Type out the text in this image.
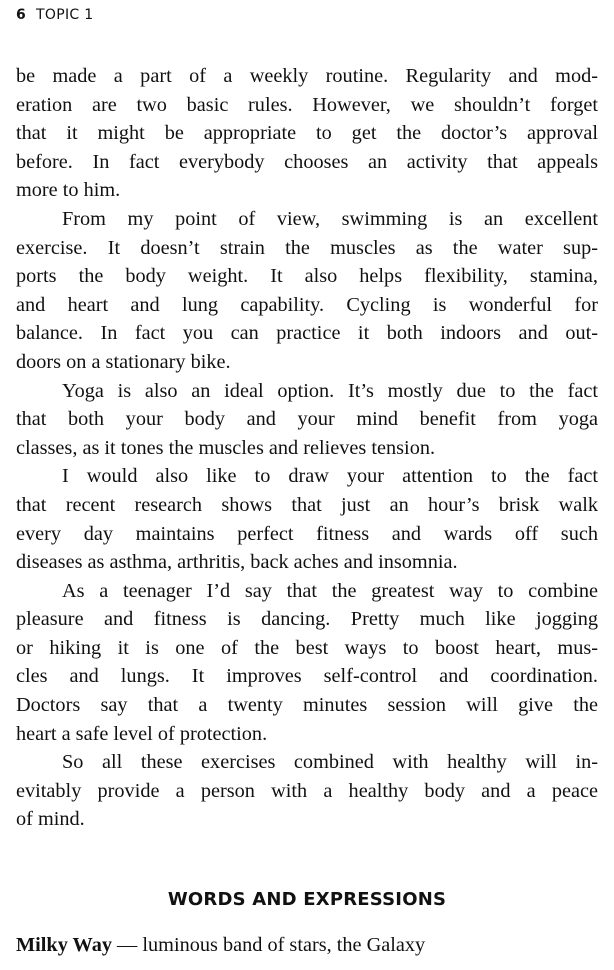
6 TOPIC 1
be made a part of a weekly routine. Regularity and mod-
eration are two basic rules. However, we shouldn’t forget
that it might be appropriate to get the doctor’s approval
before. In fact everybody chooses an activity that appeals
more to him.
From my point of view, swimming is an excellent
exercise. It doesn’t strain the muscles as the water sup-
ports the body weight. It also helps flexibility, stamina,
and heart and lung capability. Cycling is wonderful for
balance. In fact you can practice it both indoors and out-
doors on a stationary bike.
Yoga is also an ideal option. It’s mostly due to the fact
that both your body and your mind benefit from yoga
classes, as it tones the muscles and relieves tension.
I would also like to draw your attention to the fact
that recent research shows that just an hour’s brisk walk
every day maintains perfect fitness and wards off such
diseases as asthma, arthritis, back aches and insomnia.
As a teenager I’d say that the greatest way to combine
pleasure and fitness is dancing. Pretty much like jogging
or hiking it is one of the best ways to boost heart, mus-
cles and lungs. It improves self-control and coordination.
Doctors say that a twenty minutes session will give the
heart a safe level of protection.
So all these exercises combined with healthy will in-
evitably provide a person with a healthy body and a peace
of mind.
WORDS AND EXPRESSIONS
Milky Way — luminous band of stars, the Galaxy
